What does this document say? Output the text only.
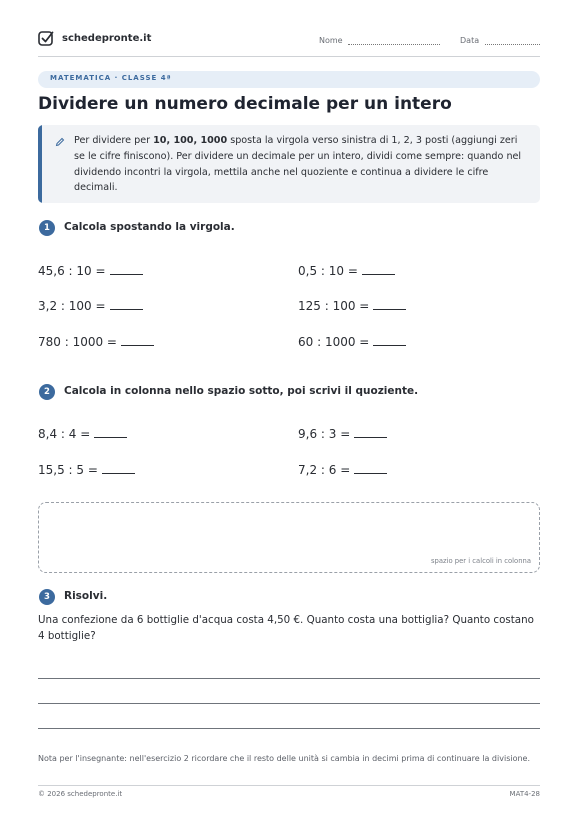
schedepronte.it	Nome	Data
MATEMATICA · CLASSE 4ª
Dividere un numero decimale per un intero
Per dividere per 10, 100, 1000 sposta la virgola verso sinistra di 1, 2, 3 posti (aggiungi zeri se le cifre finiscono). Per dividere un decimale per un intero, dividi come sempre: quando nel dividendo incontri la virgola, mettila anche nel quoziente e continua a dividere le cifre decimali.
1	Calcola spostando la virgola.
45,6 : 10 =	0,5 : 10 =
3,2 : 100 =	125 : 100 =
780 : 1000 =	60 : 1000 =
2	Calcola in colonna nello spazio sotto, poi scrivi il quoziente.
8,4 : 4 =	9,6 : 3 =
15,5 : 5 =	7,2 : 6 =
spazio per i calcoli in colonna
3	Risolvi.
Una confezione da 6 bottiglie d'acqua costa 4,50 €. Quanto costa una bottiglia? Quanto costano 4 bottiglie?
Nota per l'insegnante: nell'esercizio 2 ricordare che il resto delle unità si cambia in decimi prima di continuare la divisione.
© 2026 schedepronte.it	MAT4-28
